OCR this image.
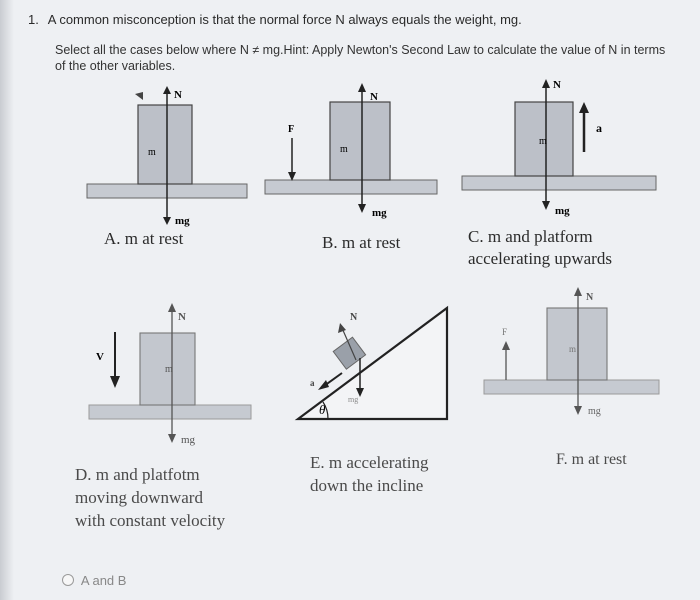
1. A common misconception is that the normal force N always equals the weight, mg.
Select all the cases below where N ≠ mg.Hint: Apply Newton's Second Law to calculate the value of N in terms of the other variables.
N
m
mg
A. m at rest
N
F
m
mg
B. m at rest
N
a
m
mg
C. m and platform
accelerating upwards
N
V
m
mg
D. m and platfotm
moving downward
with constant velocity
N
a
θ
mg
E. m accelerating
down the incline
N
F
m
mg
F. m at rest
A and B
